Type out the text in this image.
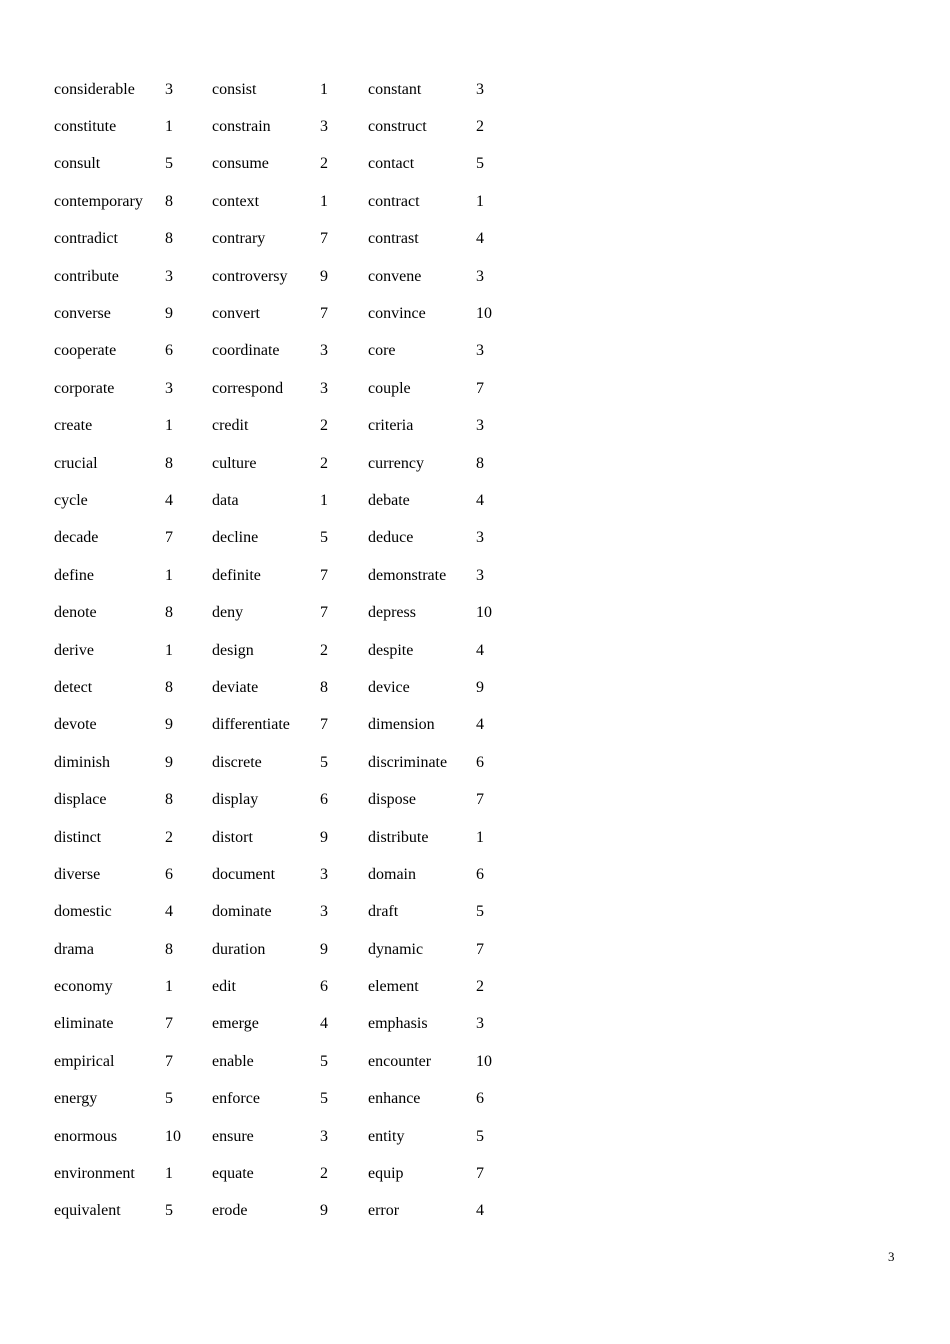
considerable	3	consist	1	constant	3
constitute	1	constrain	3	construct	2
consult	5	consume	2	contact	5
contemporary	8	context	1	contract	1
contradict	8	contrary	7	contrast	4
contribute	3	controversy	9	convene	3
converse	9	convert	7	convince	10
cooperate	6	coordinate	3	core	3
corporate	3	correspond	3	couple	7
create	1	credit	2	criteria	3
crucial	8	culture	2	currency	8
cycle	4	data	1	debate	4
decade	7	decline	5	deduce	3
define	1	definite	7	demonstrate	3
denote	8	deny	7	depress	10
derive	1	design	2	despite	4
detect	8	deviate	8	device	9
devote	9	differentiate	7	dimension	4
diminish	9	discrete	5	discriminate	6
displace	8	display	6	dispose	7
distinct	2	distort	9	distribute	1
diverse	6	document	3	domain	6
domestic	4	dominate	3	draft	5
drama	8	duration	9	dynamic	7
economy	1	edit	6	element	2
eliminate	7	emerge	4	emphasis	3
empirical	7	enable	5	encounter	10
energy	5	enforce	5	enhance	6
enormous	10	ensure	3	entity	5
environment	1	equate	2	equip	7
equivalent	5	erode	9	error	4
3
